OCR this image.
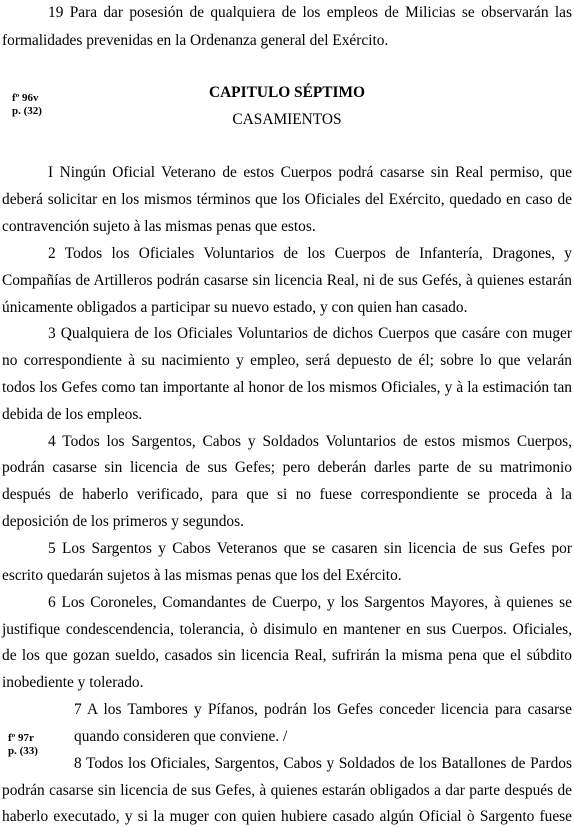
fº 96v
p. (32)
fº 97r
p. (33)
CAPITULO SÉPTIMO
CASAMIENTOS
19 Para dar posesión de qualquiera de los empleos de Milicias se observarán las
formalidades prevenidas en la Ordenanza general del Exército.
I Ningún Oficial Veterano de estos Cuerpos podrá casarse sin Real permiso, que
deberá solicitar en los mismos términos que los Oficiales del Exército, quedado en caso de
contravención sujeto à las mismas penas que estos.
2 Todos los Oficiales Voluntarios de los Cuerpos de Infantería, Dragones, y
Compañías de Artilleros podrán casarse sin licencia Real, ni de sus Gefés, à quienes estarán
únicamente obligados a participar su nuevo estado, y con quien han casado.
3 Qualquiera de los Oficiales Voluntarios de dichos Cuerpos que casáre con muger
no correspondiente à su nacimiento y empleo, será depuesto de él; sobre lo que velarán
todos los Gefes como tan importante al honor de los mismos Oficiales, y à la estimación tan
debida de los empleos.
4 Todos los Sargentos, Cabos y Soldados Voluntarios de estos mismos Cuerpos,
podrán casarse sin licencia de sus Gefes; pero deberán darles parte de su matrimonio
después de haberlo verificado, para que si no fuese correspondiente se proceda à la
deposición de los primeros y segundos.
5 Los Sargentos y Cabos Veteranos que se casaren sin licencia de sus Gefes por
escrito quedarán sujetos à las mismas penas que los del Exército.
6 Los Coroneles, Comandantes de Cuerpo, y los Sargentos Mayores, à quienes se
justifique condescendencia, tolerancia, ò disimulo en mantener en sus Cuerpos. Oficiales,
de los que gozan sueldo, casados sin licencia Real, sufrirán la misma pena que el súbdito
inobediente y tolerado.
7 A los Tambores y Pífanos, podrán los Gefes conceder licencia para casarse
quando consideren que conviene. /
8 Todos los Oficiales, Sargentos, Cabos y Soldados de los Batallones de Pardos
podrán casarse sin licencia de sus Gefes, à quienes estarán obligados a dar parte después de
haberlo executado, y si la muger con quien hubiere casado algún Oficial ò Sargento fuese
